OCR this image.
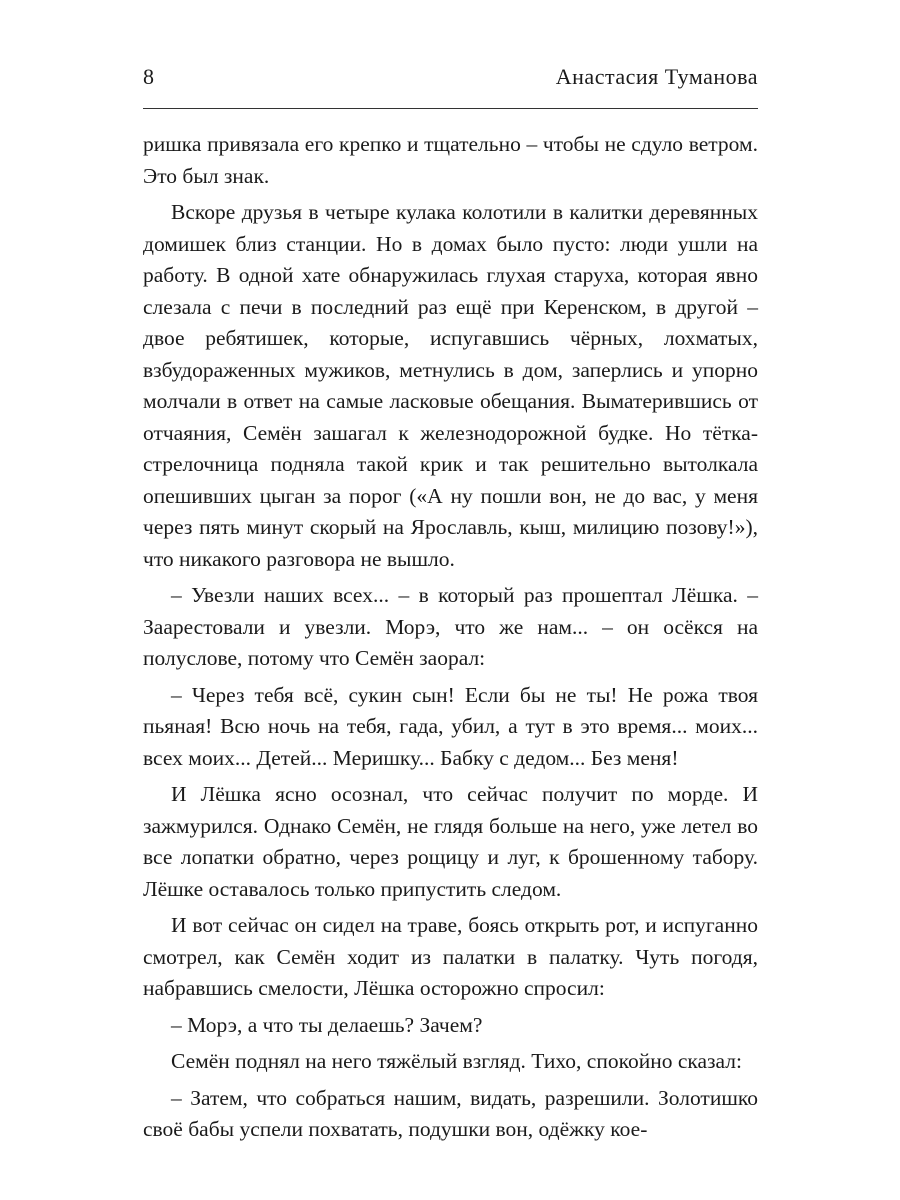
8	Анастасия Туманова

ришка привязала его крепко и тщательно – чтобы не сдуло ветром. Это был знак.

Вскоре друзья в четыре кулака колотили в калитки деревянных домишек близ станции. Но в домах было пусто: люди ушли на работу. В одной хате обнаружилась глухая старуха, которая явно слезала с печи в последний раз ещё при Керенском, в другой – двое ребятишек, которые, испугавшись чёрных, лохматых, взбудораженных мужиков, метнулись в дом, заперлись и упорно молчали в ответ на самые ласковые обещания. Выматерившись от отчаяния, Семён зашагал к железнодорожной будке. Но тётка-стрелочница подняла такой крик и так решительно вытолкала опешивших цыган за порог («А ну пошли вон, не до вас, у меня через пять минут скорый на Ярославль, кыш, милицию позову!»), что никакого разговора не вышло.

– Увезли наших всех... – в который раз прошептал Лёшка. – Заарестовали и увезли. Морэ, что же нам... – он осёкся на полуслове, потому что Семён заорал:

– Через тебя всё, сукин сын! Если бы не ты! Не рожа твоя пьяная! Всю ночь на тебя, гада, убил, а тут в это время... моих... всех моих... Детей... Меришку... Бабку с дедом... Без меня!

И Лёшка ясно осознал, что сейчас получит по морде. И зажмурился. Однако Семён, не глядя больше на него, уже летел во все лопатки обратно, через рощицу и луг, к брошенному табору. Лёшке оставалось только припустить следом.

И вот сейчас он сидел на траве, боясь открыть рот, и испуганно смотрел, как Семён ходит из палатки в палатку. Чуть погодя, набравшись смелости, Лёшка осторожно спросил:

– Морэ, а что ты делаешь? Зачем?

Семён поднял на него тяжёлый взгляд. Тихо, спокойно сказал:

– Затем, что собраться нашим, видать, разрешили. Золотишко своё бабы успели похватать, подушки вон, одёжку кое-
